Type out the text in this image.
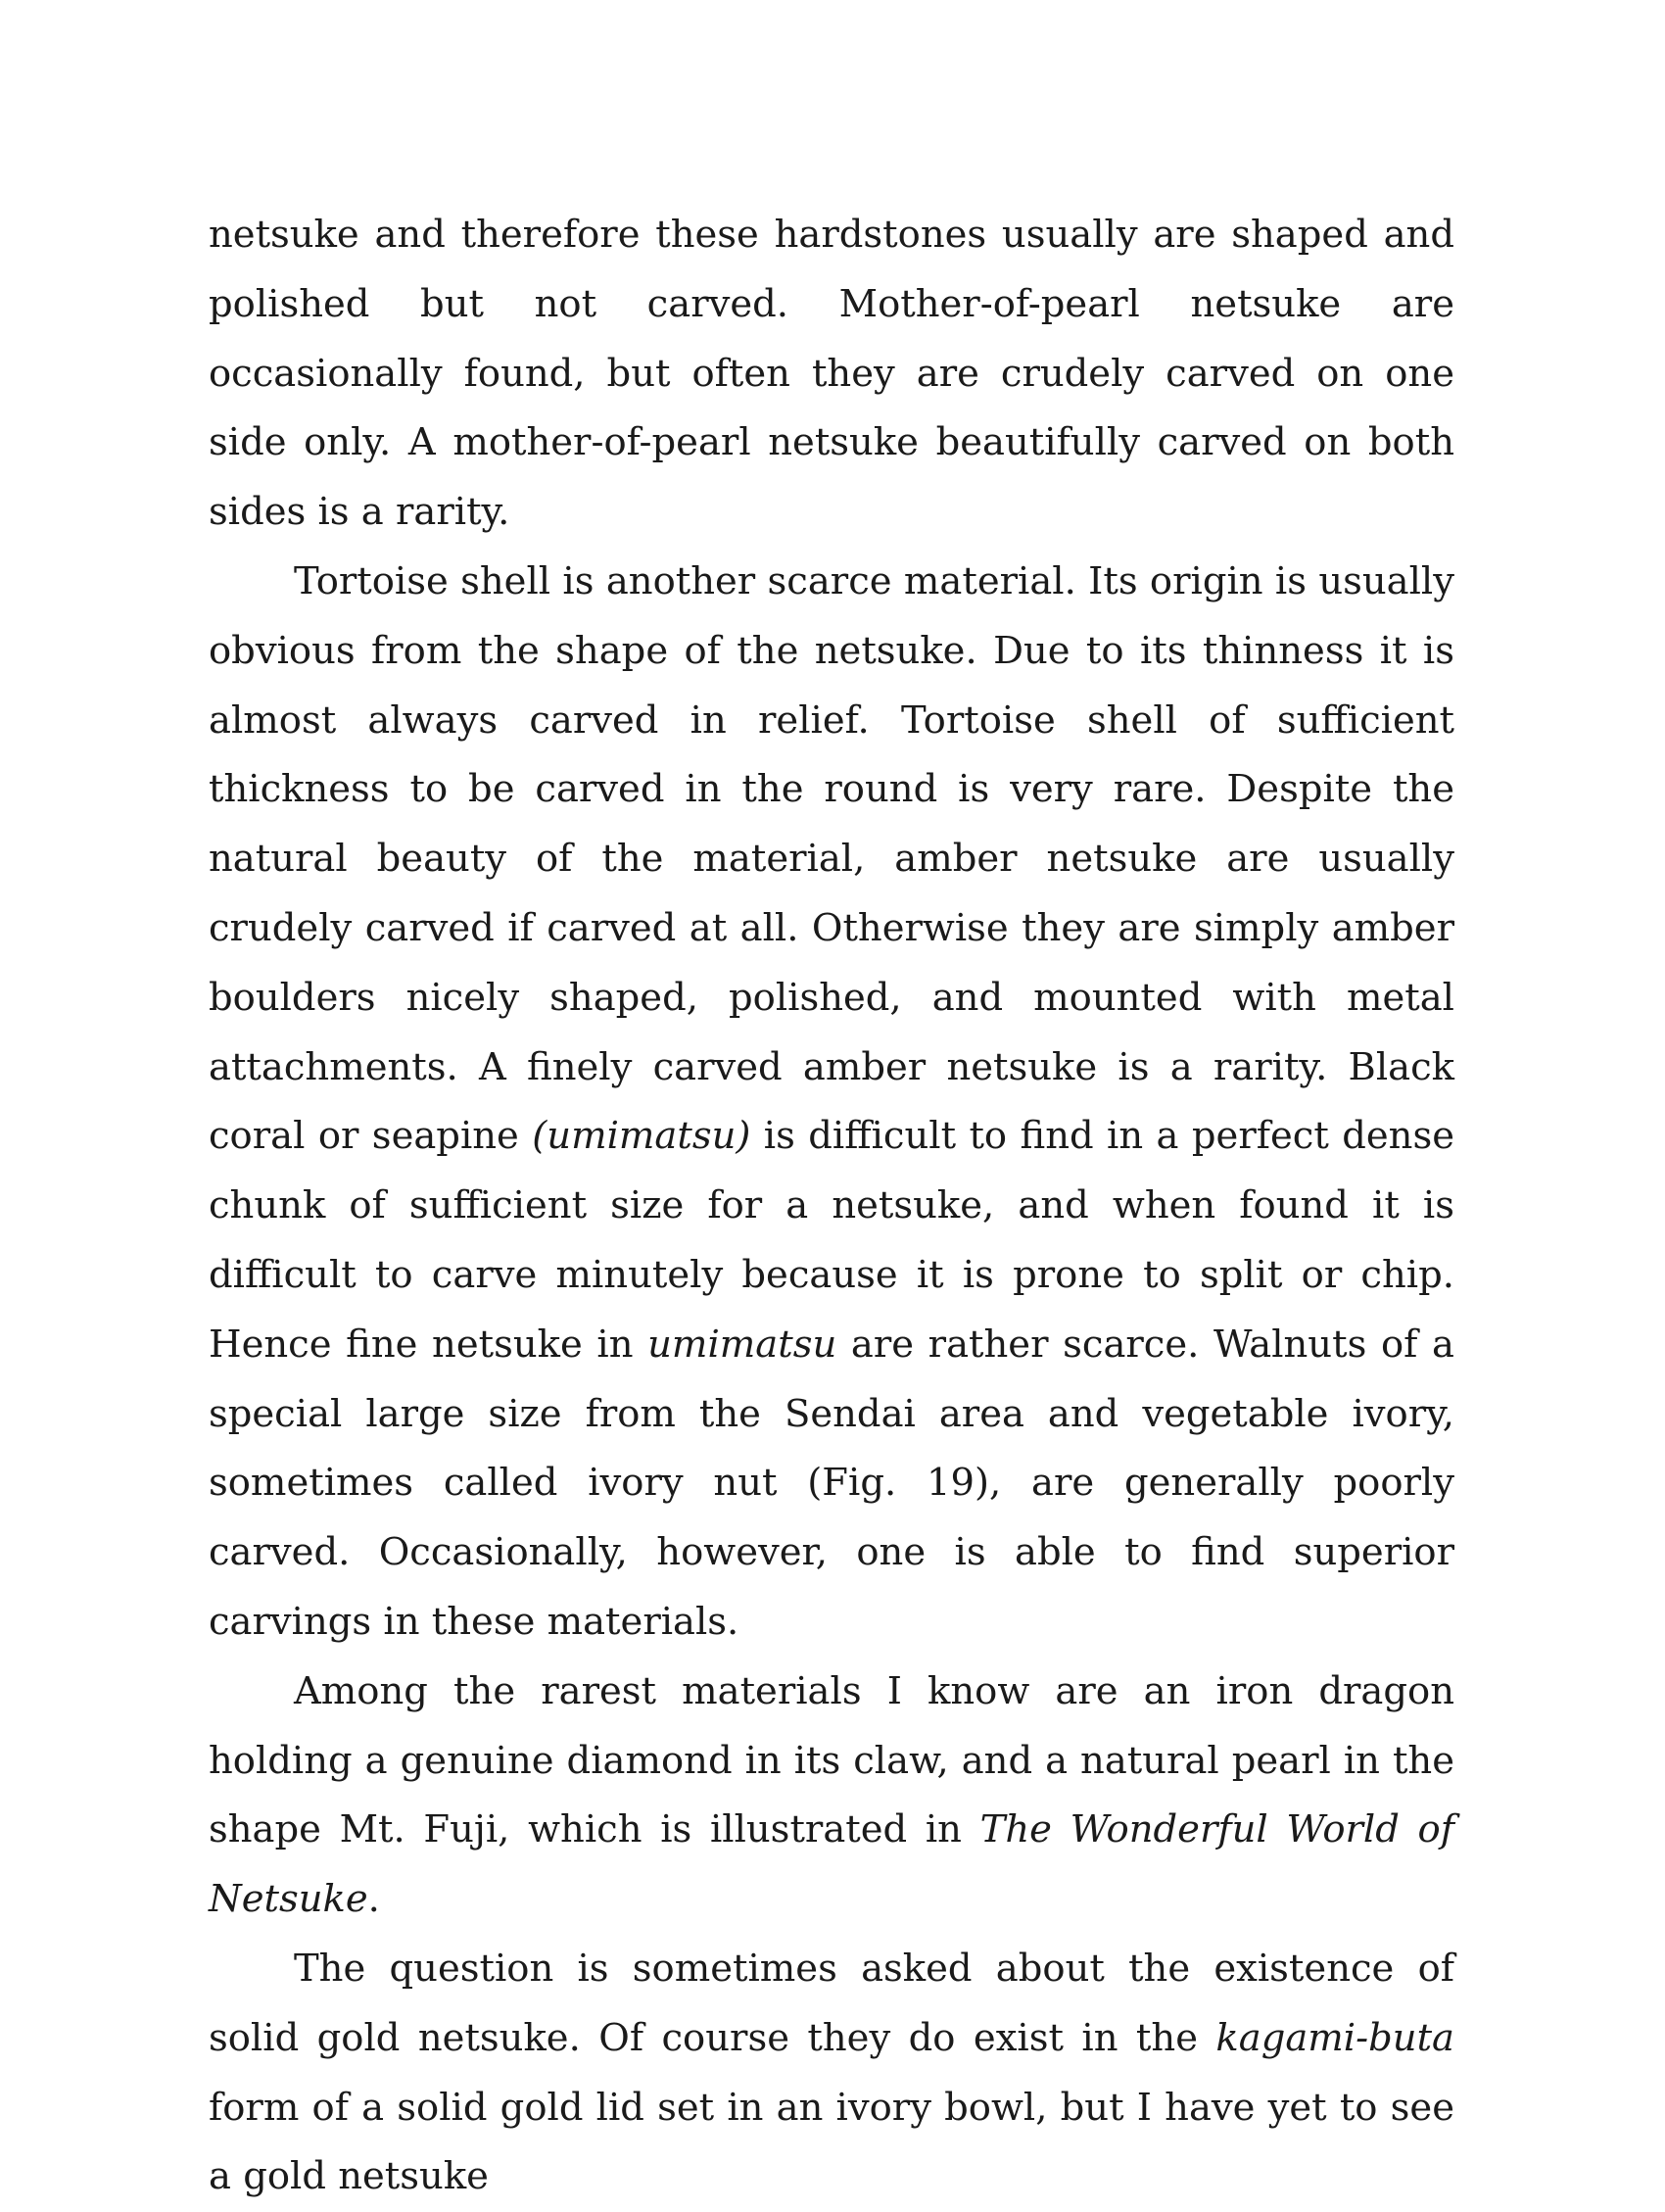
netsuke and therefore these hardstones usually are shaped and polished but not carved. Mother-of-pearl netsuke are occasionally found, but often they are crudely carved on one side only. A mother-of-pearl netsuke beautifully carved on both sides is a rarity.

Tortoise shell is another scarce material. Its origin is usually obvious from the shape of the netsuke. Due to its thinness it is almost always carved in relief. Tortoise shell of sufficient thickness to be carved in the round is very rare. Despite the natural beauty of the material, amber netsuke are usually crudely carved if carved at all. Otherwise they are simply amber boulders nicely shaped, polished, and mounted with metal attachments. A finely carved amber netsuke is a rarity. Black coral or seapine (umimatsu) is difficult to find in a perfect dense chunk of sufficient size for a netsuke, and when found it is difficult to carve minutely because it is prone to split or chip. Hence fine netsuke in umimatsu are rather scarce. Walnuts of a special large size from the Sendai area and vegetable ivory, sometimes called ivory nut (Fig. 19), are generally poorly carved. Occasionally, however, one is able to find superior carvings in these materials.

Among the rarest materials I know are an iron dragon holding a genuine diamond in its claw, and a natural pearl in the shape Mt. Fuji, which is illustrated in The Wonderful World of Netsuke.

The question is sometimes asked about the existence of solid gold netsuke. Of course they do exist in the kagami-buta form of a solid gold lid set in an ivory bowl, but I have yet to see a gold netsuke
